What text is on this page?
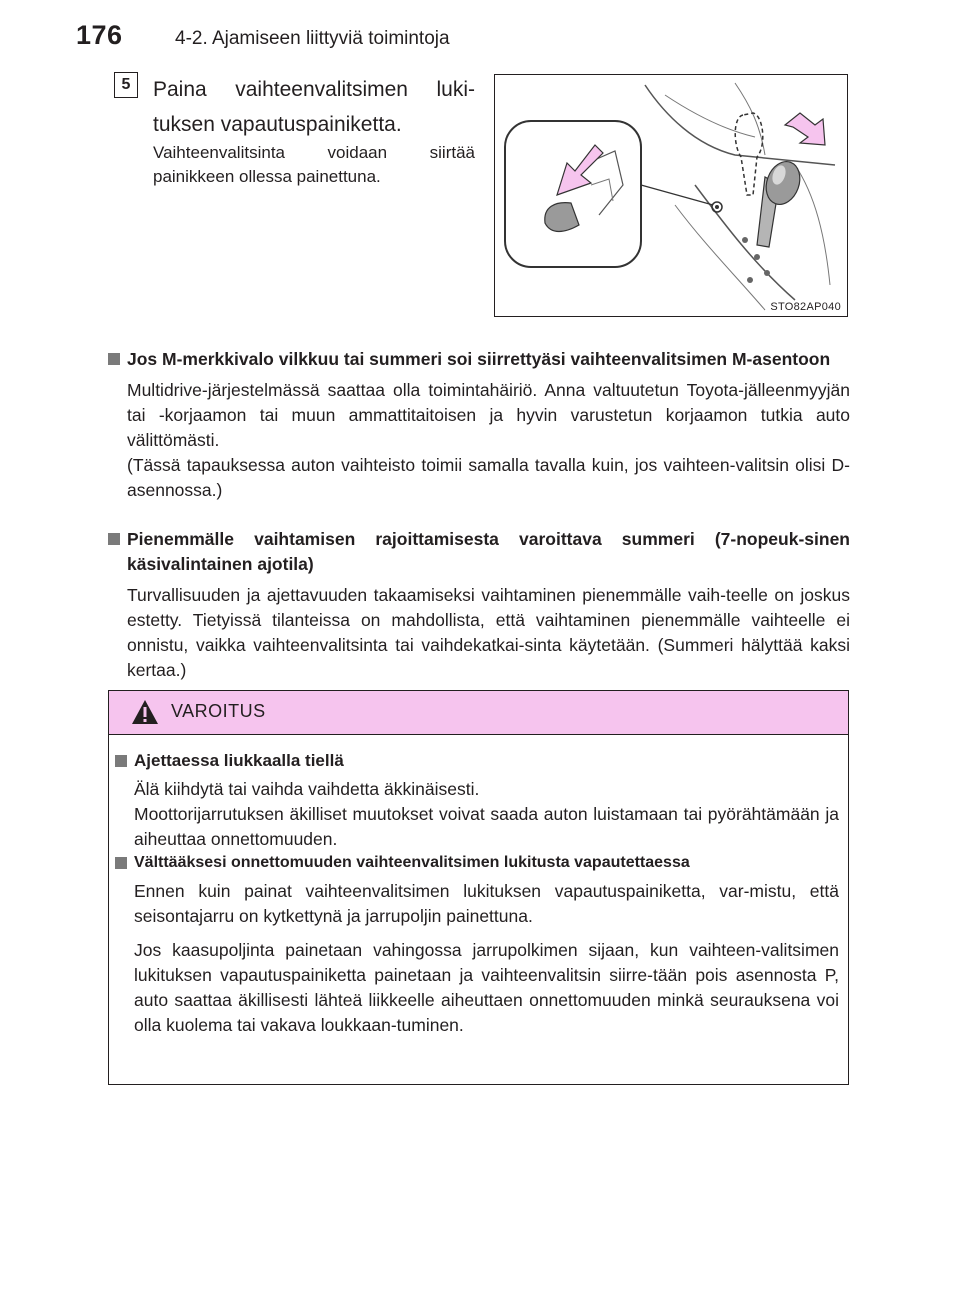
176	4-2. Ajamiseen liittyviä toimintoja
5	Paina vaihteenvalitsimen luki-tuksen vapautuspainiketta.
Vaihteenvalitsinta voidaan siirtää painikkeen ollessa painettuna.
STO82AP040
Jos M-merkkivalo vilkkuu tai summeri soi siirrettyäsi vaihteenvalitsimen M-asentoon

Multidrive-järjestelmässä saattaa olla toimintahäiriö. Anna valtuutetun Toyota-jälleenmyyjän tai -korjaamon tai muun ammattitaitoisen ja hyvin varustetun korjaamon tutkia auto välittömästi.

(Tässä tapauksessa auton vaihteisto toimii samalla tavalla kuin, jos vaihteen-valitsin olisi D-asennossa.)

Pienemmälle vaihtamisen rajoittamisesta varoittava summeri (7-nopeuk-sinen käsivalintainen ajotila)

Turvallisuuden ja ajettavuuden takaamiseksi vaihtaminen pienemmälle vaih-teelle on joskus estetty. Tietyissä tilanteissa on mahdollista, että vaihtaminen pienemmälle vaihteelle ei onnistu, vaikka vaihteenvalitsinta tai vaihdekatkai-sinta käytetään. (Summeri hälyttää kaksi kertaa.)

VAROITUS
Ajettaessa liukkaalla tiellä

Älä kiihdytä tai vaihda vaihdetta äkkinäisesti.
Moottorijarrutuksen äkilliset muutokset voivat saada auton luistamaan tai pyörähtämään ja aiheuttaa onnettomuuden.

Välttääksesi onnettomuuden vaihteenvalitsimen lukitusta vapautettaessa

Ennen kuin painat vaihteenvalitsimen lukituksen vapautuspainiketta, var-mistu, että seisontajarru on kytkettynä ja jarrupoljin painettuna.

Jos kaasupoljinta painetaan vahingossa jarrupolkimen sijaan, kun vaihteen-valitsimen lukituksen vapautuspainiketta painetaan ja vaihteenvalitsin siirre-tään pois asennosta P, auto saattaa äkillisesti lähteä liikkeelle aiheuttaen onnettomuuden minkä seurauksena voi olla kuolema tai vakava loukkaan-tuminen.
